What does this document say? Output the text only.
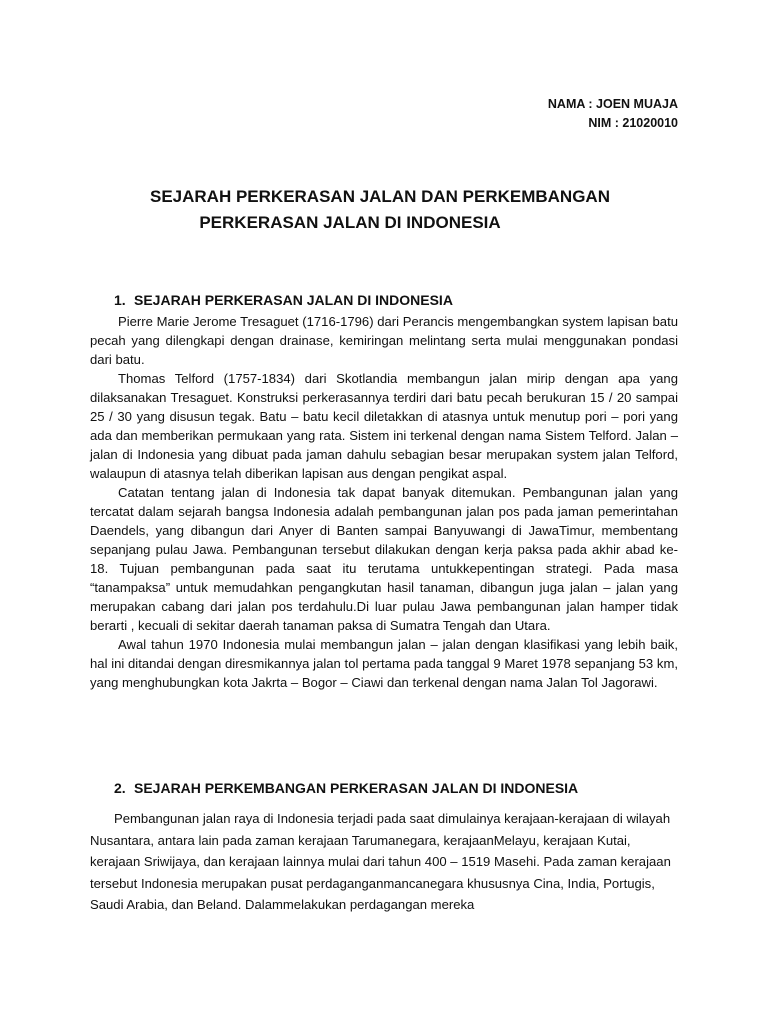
NAMA : JOEN MUAJA
NIM : 21020010
SEJARAH PERKERASAN JALAN DAN PERKEMBANGAN
PERKERASAN JALAN DI INDONESIA
1. SEJARAH PERKERASAN JALAN DI INDONESIA

Pierre Marie Jerome Tresaguet (1716-1796) dari Perancis mengembangkan system lapisan batu pecah yang dilengkapi dengan drainase, kemiringan melintang serta mulai menggunakan pondasi dari batu.

Thomas Telford (1757-1834) dari Skotlandia membangun jalan mirip dengan apa yang dilaksanakan Tresaguet. Konstruksi perkerasannya terdiri dari batu pecah berukuran 15 / 20 sampai 25 / 30 yang disusun tegak. Batu – batu kecil diletakkan di atasnya untuk menutup pori – pori yang ada dan memberikan permukaan yang rata. Sistem ini terkenal dengan nama Sistem Telford. Jalan – jalan di Indonesia yang dibuat pada jaman dahulu sebagian besar merupakan system jalan Telford, walaupun di atasnya telah diberikan lapisan aus dengan pengikat aspal.

Catatan tentang jalan di Indonesia tak dapat banyak ditemukan. Pembangunan jalan yang tercatat dalam sejarah bangsa Indonesia adalah pembangunan jalan pos pada jaman pemerintahan Daendels, yang dibangun dari Anyer di Banten sampai Banyuwangi di JawaTimur, membentang sepanjang pulau Jawa. Pembangunan tersebut dilakukan dengan kerja paksa pada akhir abad ke-18. Tujuan pembangunan pada saat itu terutama untukkepentingan strategi. Pada masa “tanampaksa” untuk memudahkan pengangkutan hasil tanaman, dibangun juga jalan – jalan yang merupakan cabang dari jalan pos terdahulu.Di luar pulau Jawa pembangunan jalan hamper tidak berarti , kecuali di sekitar daerah tanaman paksa di Sumatra Tengah dan Utara.

Awal tahun 1970 Indonesia mulai membangun jalan – jalan dengan klasifikasi yang lebih baik, hal ini ditandai dengan diresmikannya jalan tol pertama pada tanggal 9 Maret 1978 sepanjang 53 km, yang menghubungkan kota Jakrta – Bogor – Ciawi dan terkenal dengan nama Jalan Tol Jagorawi.

2. SEJARAH PERKEMBANGAN PERKERASAN JALAN DI INDONESIA

Pembangunan jalan raya di Indonesia terjadi pada saat dimulainya kerajaan-kerajaan di wilayah Nusantara, antara lain pada zaman kerajaan Tarumanegara, kerajaanMelayu, kerajaan Kutai, kerajaan Sriwijaya, dan kerajaan lainnya mulai dari tahun 400 – 1519 Masehi. Pada zaman kerajaan tersebut Indonesia merupakan pusat perdaganganmancanegara khususnya Cina, India, Portugis, Saudi Arabia, dan Beland. Dalammelakukan perdagangan mereka
